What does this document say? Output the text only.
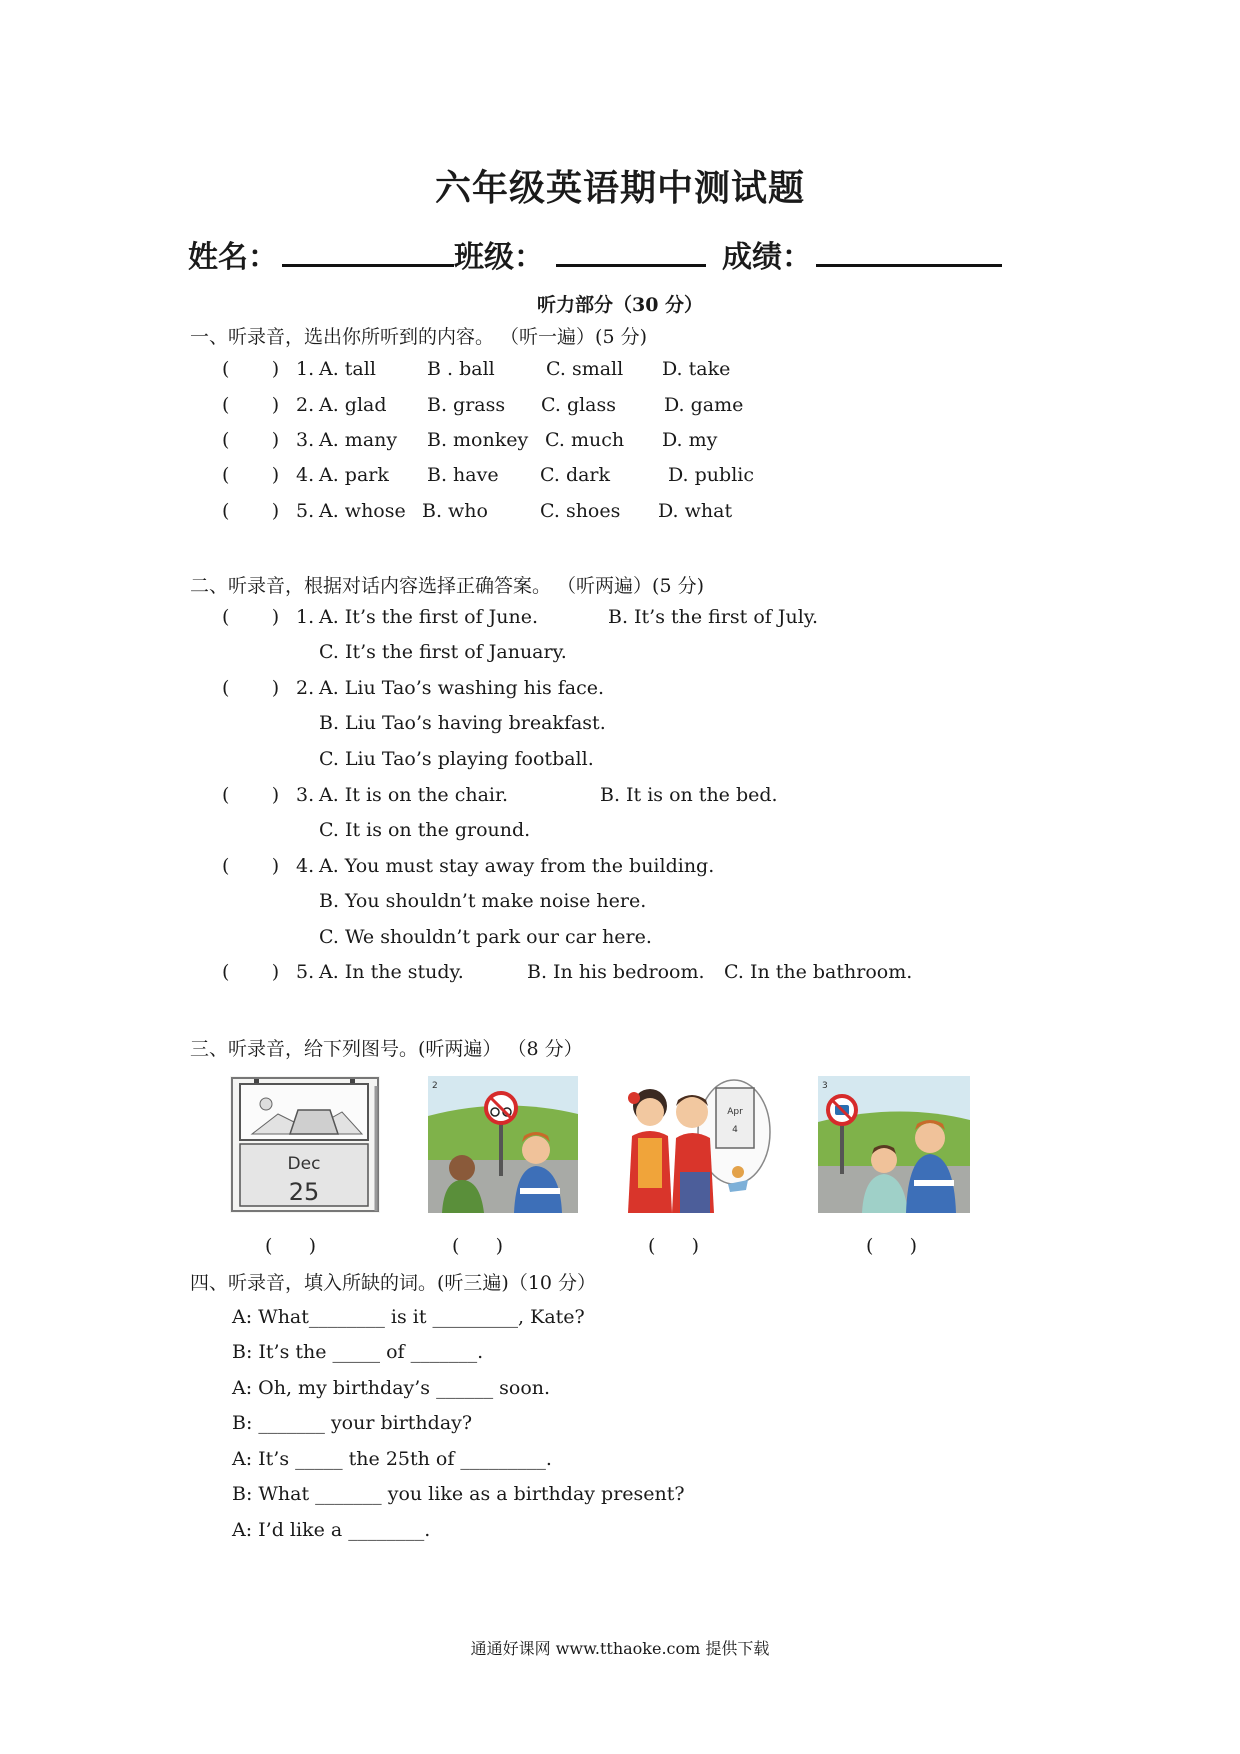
六年级英语期中测试题
姓名：	班级：	成绩：
听力部分（30 分）
一、听录音，选出你所听到的内容。 （听一遍）(5 分)
(       ) 1. A. tall	B . ball	C. small D. take
(       ) 2. A. glad B. grass C. glass	D. game
(       ) 3. A. many B. monkey C. much D. my
(       ) 4. A. park B. have C. dark	D. public
(       ) 5. A. whose B. who	C. shoes D. what
二、听录音，根据对话内容选择正确答案。 （听两遍）(5 分)
(       ) 1. A. It’s the first of June.	B. It’s the first of July.
C. It’s the first of January.
(       ) 2. A. Liu Tao’s washing his face.
B. Liu Tao’s having breakfast.
C. Liu Tao’s playing football.
(       ) 3. A. It is on the chair.	B. It is on the bed.
C. It is on the ground.
(       ) 4. A. You must stay away from the building.
B. You shouldn’t make noise here.
C. We shouldn’t park our car here.
(       ) 5. A. In the study.	B. In his bedroom. C. In the bathroom.
三、听录音，给下列图号。(听两遍） （8 分）
Dec
25
2
Apr
4
3
(      )	(      )	(      )	(      )
四、听录音，填入所缺的词。(听三遍)（10 分）
A: What________ is it _________, Kate?
B: It’s the _____ of _______.
A: Oh, my birthday’s ______ soon.
B: _______ your birthday?
A: It’s _____ the 25th of _________.
B: What _______ you like as a birthday present?
A: I’d like a ________.
通通好课网 www.tthaoke.com 提供下载
